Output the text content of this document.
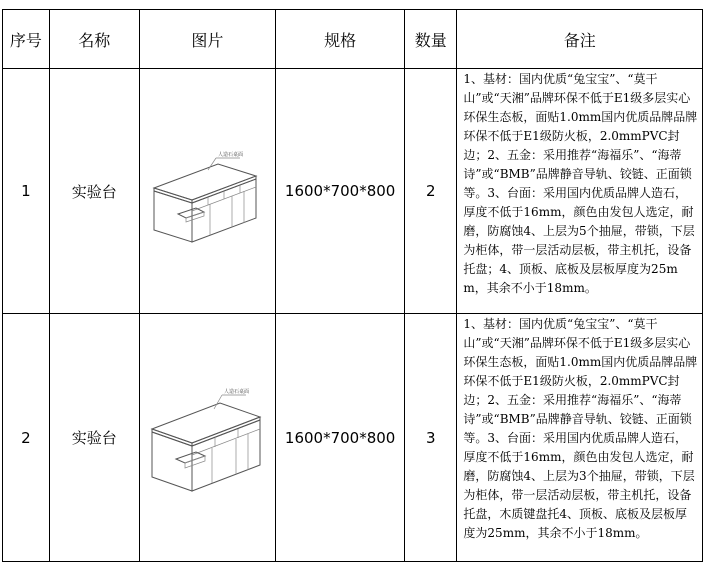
序号	名称	图片	规格	数量	备注
1	实验台	人造石桌面	1600*700*800	2	1、基材：国内优质“兔宝宝”、“莫干山”或“天湘”品牌环保不低于E1级多层实心环保生态板，面贴1.0mm国内优质品牌品牌环保不低于E1级防火板，2.0mmPVC封边；2、五金：采用推荐“海福乐”、“海蒂诗”或“BMB”品牌静音导轨、铰链、正面锁等。3、台面：采用国内优质品牌人造石，厚度不低于16mm，颜色由发包人选定，耐磨，防腐蚀4、上层为5个抽屉，带锁，下层为柜体，带一层活动层板，带主机托，设备托盘；4、顶板、底板及层板厚度为25mm，其余不小于18mm。
2	实验台	人造石桌面	1600*700*800	3	1、基材：国内优质“兔宝宝”、“莫干山”或“天湘”品牌环保不低于E1级多层实心环保生态板，面贴1.0mm国内优质品牌品牌环保不低于E1级防火板，2.0mmPVC封边；2、五金：采用推荐“海福乐”、“海蒂诗”或“BMB”品牌静音导轨、铰链、正面锁等。3、台面：采用国内优质品牌人造石，厚度不低于16mm，颜色由发包人选定，耐磨，防腐蚀4、上层为3个抽屉，带锁，下层为柜体，带一层活动层板，带主机托，设备托盘，木质键盘托4、顶板、底板及层板厚度为25mm，其余不小于18mm。
